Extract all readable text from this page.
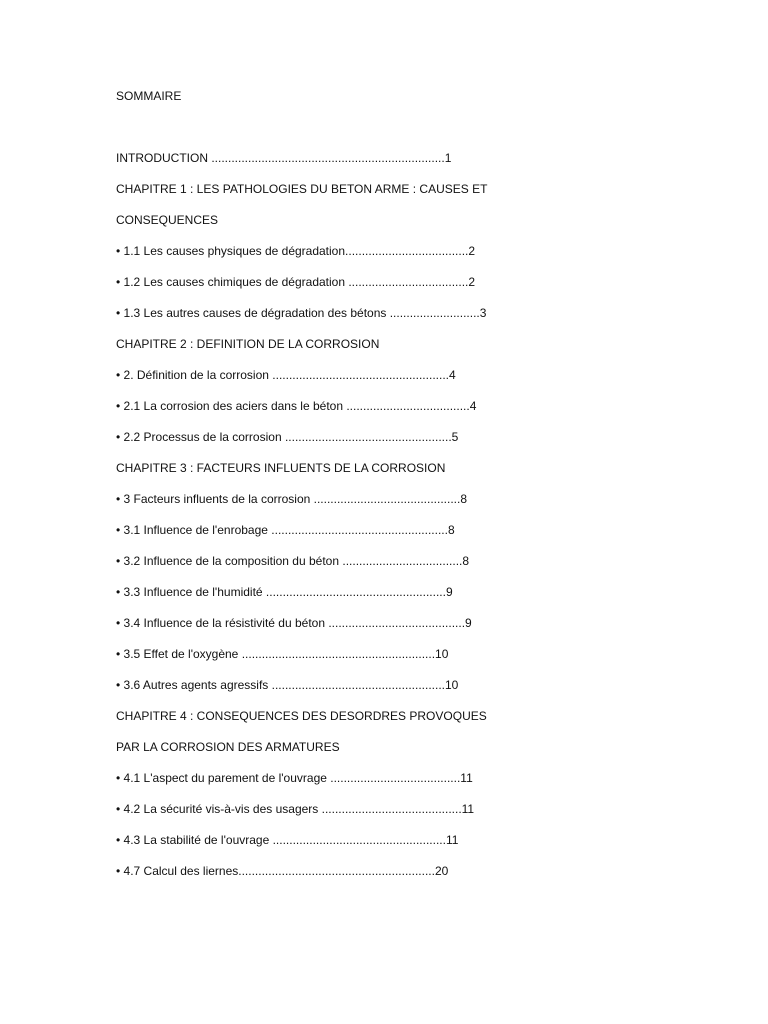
SOMMAIRE
INTRODUCTION ......................................................................1
CHAPITRE 1 : LES PATHOLOGIES DU BETON ARME : CAUSES ET
CONSEQUENCES
• 1.1 Les causes physiques de dégradation.....................................2
• 1.2 Les causes chimiques de dégradation ....................................2
• 1.3 Les autres causes de dégradation des bétons ...........................3
CHAPITRE 2 : DEFINITION DE LA CORROSION
• 2. Définition de la corrosion .....................................................4
• 2.1 La corrosion des aciers dans le béton .....................................4
• 2.2 Processus de la corrosion ..................................................5
CHAPITRE 3 : FACTEURS INFLUENTS DE LA CORROSION
• 3 Facteurs influents de la corrosion ............................................8
• 3.1 Influence de l'enrobage .....................................................8
• 3.2 Influence de la composition du béton ....................................8
• 3.3 Influence de l'humidité ......................................................9
• 3.4 Influence de la résistivité du béton .........................................9
• 3.5 Effet de l'oxygène ..........................................................10
• 3.6 Autres agents agressifs ....................................................10
CHAPITRE 4 : CONSEQUENCES DES DESORDRES PROVOQUES
PAR LA CORROSION DES ARMATURES
• 4.1 L'aspect du parement de l'ouvrage .......................................11
• 4.2 La sécurité vis-à-vis des usagers ..........................................11
• 4.3 La stabilité de l'ouvrage ....................................................11
• 4.7 Calcul des liernes...........................................................20
